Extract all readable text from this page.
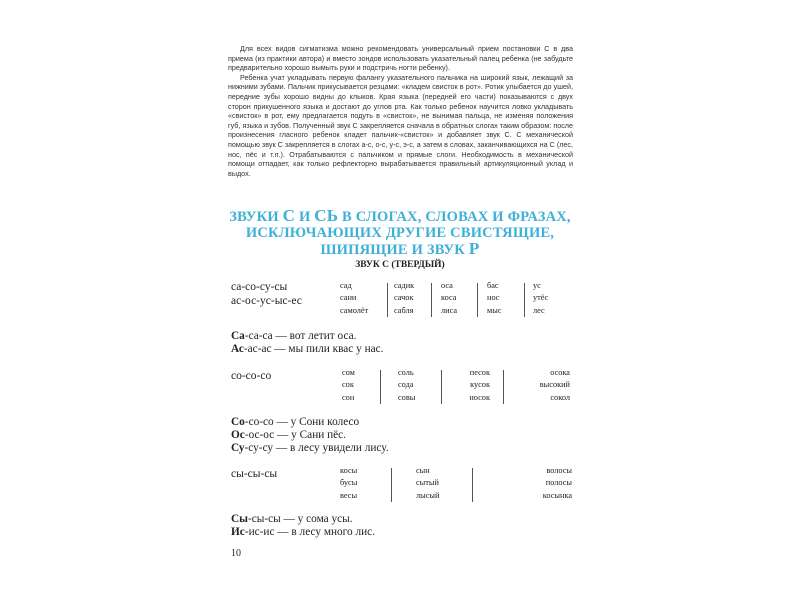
Для всех видов сигматизма можно рекомендовать универсальный прием постановки С в два приема (из практики автора) и вместо зондов использовать указательный палец ребенка (не забудьте предварительно хорошо вымыть руки и подстричь ногти ребенку).

Ребенка учат укладывать первую фалангу указательного пальчика на широкий язык, лежащий за нижними зубами. Пальчик прикусывается резцами: «кладем свисток в рот». Ротик улыбается до ушей, передние зубы хорошо видны до клыков. Края языка (передней его части) показываются с двух сторон прикушенного языка и достают до углов рта. Как только ребенок научится ловко укладывать «свисток» в рот, ему предлагается подуть в «свисток», не вынимая пальца, не изменяя положения губ, языка и зубов. Полученный звук С закрепляется сначала в обратных слогах таким образом: после произнесения гласного ребенок кладет пальчик-«свисток» и добавляет звук С. С механической помощью звук С закрепляется в слогах а-с, о-с, у-с, э-с, а затем в словах, заканчивающихся на С (лес, нос, пёс и т.п.). Отрабатываются с пальчиком и прямые слоги. Необходимость в механической помощи отпадает, как только рефлекторно вырабатывается правильный артикуляционный уклад и выдох.

ЗВУКИ С И СЬ В СЛОГАХ, СЛОВАХ И ФРАЗАХ,
ИСКЛЮЧАЮЩИХ ДРУГИЕ СВИСТЯЩИЕ,
ШИПЯЩИЕ И ЗВУК Р
ЗВУК С (ТВЕРДЫЙ)
са-со-су-сы
ас-ос-ус-ыс-ес
сад
сани
самолёт
садик
сачок
сабля
оса
коса
лиса
бас
нос
мыс
ус
утёс
лес
Са-са-са — вот летит оса.
Ас-ас-ас — мы пили квас у нас.
со-со-со	сом
сок
сон
соль
сода
совы
песок
кусок
носок
осока
высокий
сокол
Со-со-со — у Сони колесо
Ос-ос-ос — у Сани пёс.
Су-су-су — в лесу увидели лису.
сы-сы-сы	косы
бусы
весы
сын
сытый
лысый
волосы
полосы
косынка
Сы-сы-сы — у сома усы.
Ис-ис-ис — в лесу много лис.
10
